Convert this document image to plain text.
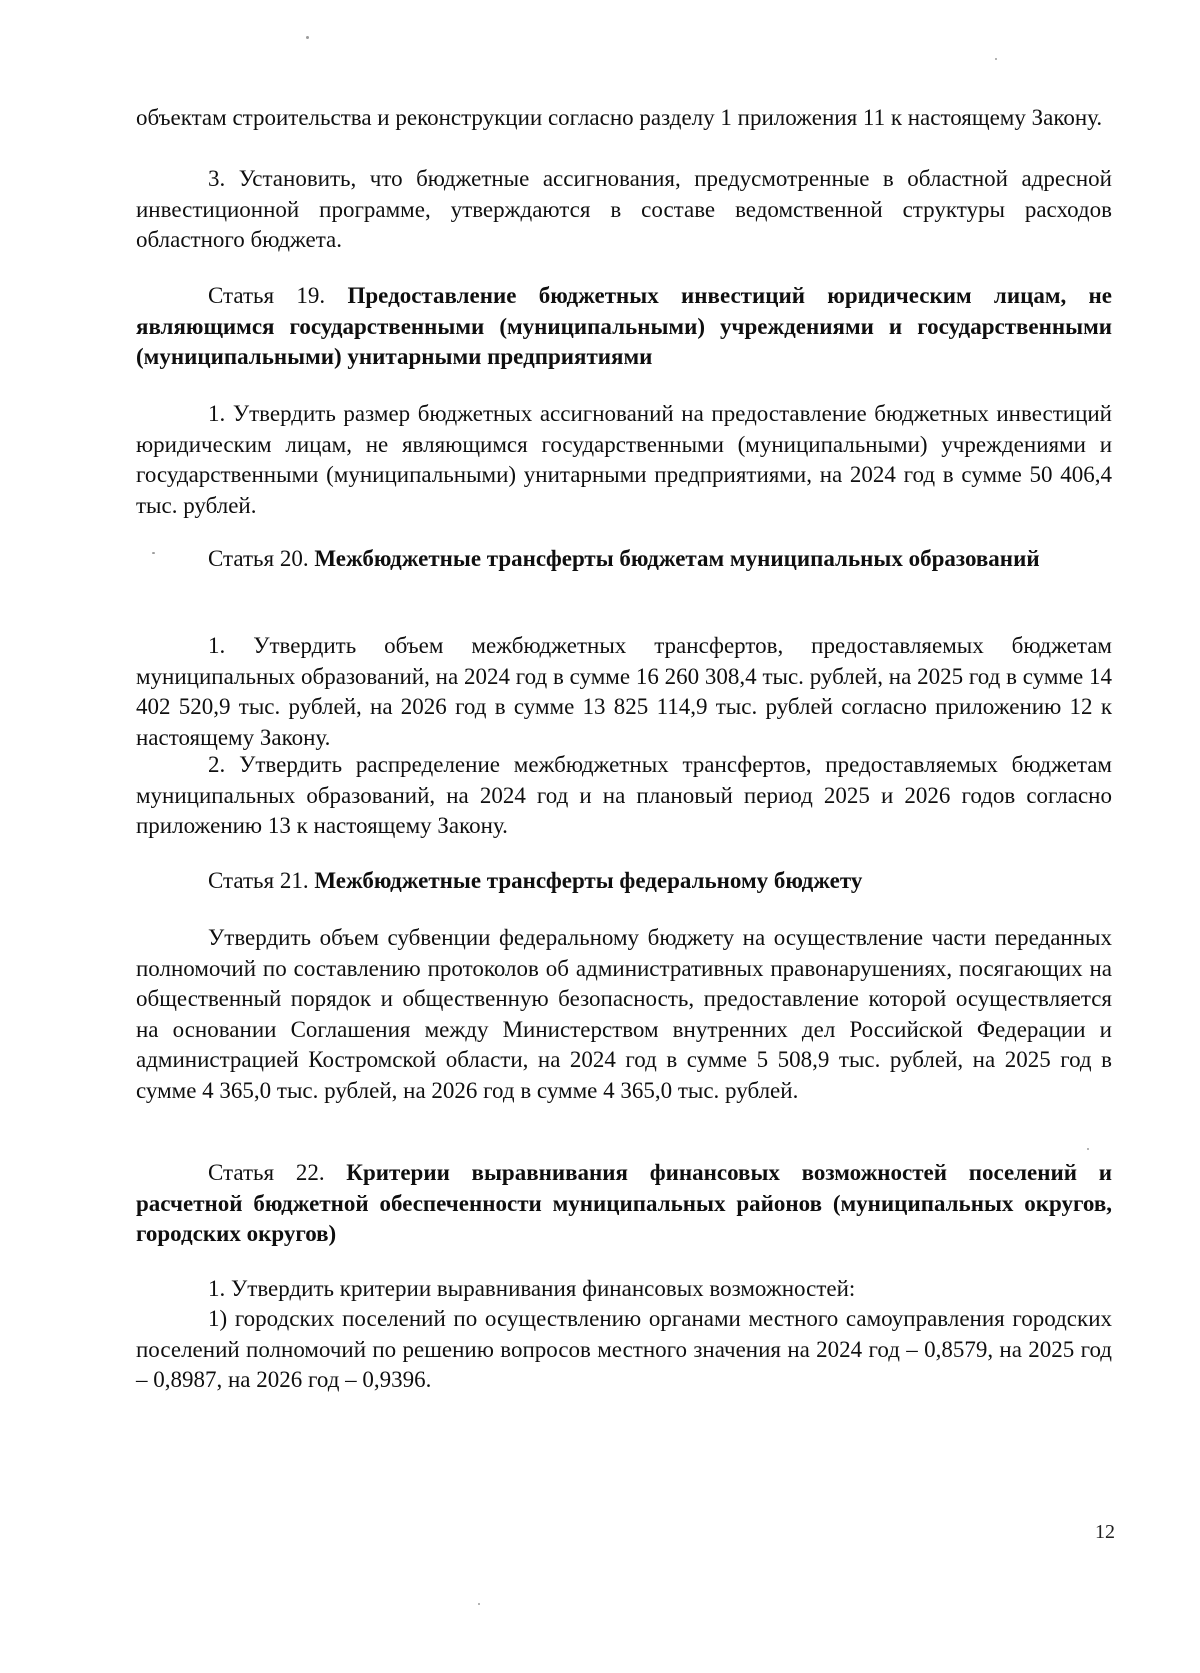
объектам строительства и реконструкции согласно разделу 1 приложения 11 к настоящему Закону.

3. Установить, что бюджетные ассигнования, предусмотренные в областной адресной инвестиционной программе, утверждаются в составе ведомственной структуры расходов областного бюджета.

Статья 19. Предоставление бюджетных инвестиций юридическим лицам, не являющимся государственными (муниципальными) учреждениями и государственными (муниципальными) унитарными предприятиями

1. Утвердить размер бюджетных ассигнований на предоставление бюджетных инвестиций юридическим лицам, не являющимся государственными (муниципальными) учреждениями и государственными (муниципальными) унитарными предприятиями, на 2024 год в сумме 50 406,4 тыс. рублей.

Статья 20. Межбюджетные трансферты бюджетам муниципальных образований

1. Утвердить объем межбюджетных трансфертов, предоставляемых бюджетам муниципальных образований, на 2024 год в сумме 16 260 308,4 тыс. рублей, на 2025 год в сумме 14 402 520,9 тыс. рублей, на 2026 год в сумме 13 825 114,9 тыс. рублей согласно приложению 12 к настоящему Закону.

2. Утвердить распределение межбюджетных трансфертов, предоставляемых бюджетам муниципальных образований, на 2024 год и на плановый период 2025 и 2026 годов согласно приложению 13 к настоящему Закону.

Статья 21. Межбюджетные трансферты федеральному бюджету

Утвердить объем субвенции федеральному бюджету на осуществление части переданных полномочий по составлению протоколов об административных правонарушениях, посягающих на общественный порядок и общественную безопасность, предоставление которой осуществляется на основании Соглашения между Министерством внутренних дел Российской Федерации и администрацией Костромской области, на 2024 год в сумме 5 508,9 тыс. рублей, на 2025 год в сумме 4 365,0 тыс. рублей, на 2026 год в сумме 4 365,0 тыс. рублей.

Статья 22. Критерии выравнивания финансовых возможностей поселений и расчетной бюджетной обеспеченности муниципальных районов (муниципальных округов, городских округов)

1. Утвердить критерии выравнивания финансовых возможностей:

1) городских поселений по осуществлению органами местного самоуправления городских поселений полномочий по решению вопросов местного значения на 2024 год – 0,8579, на 2025 год – 0,8987, на 2026 год – 0,9396.

12
